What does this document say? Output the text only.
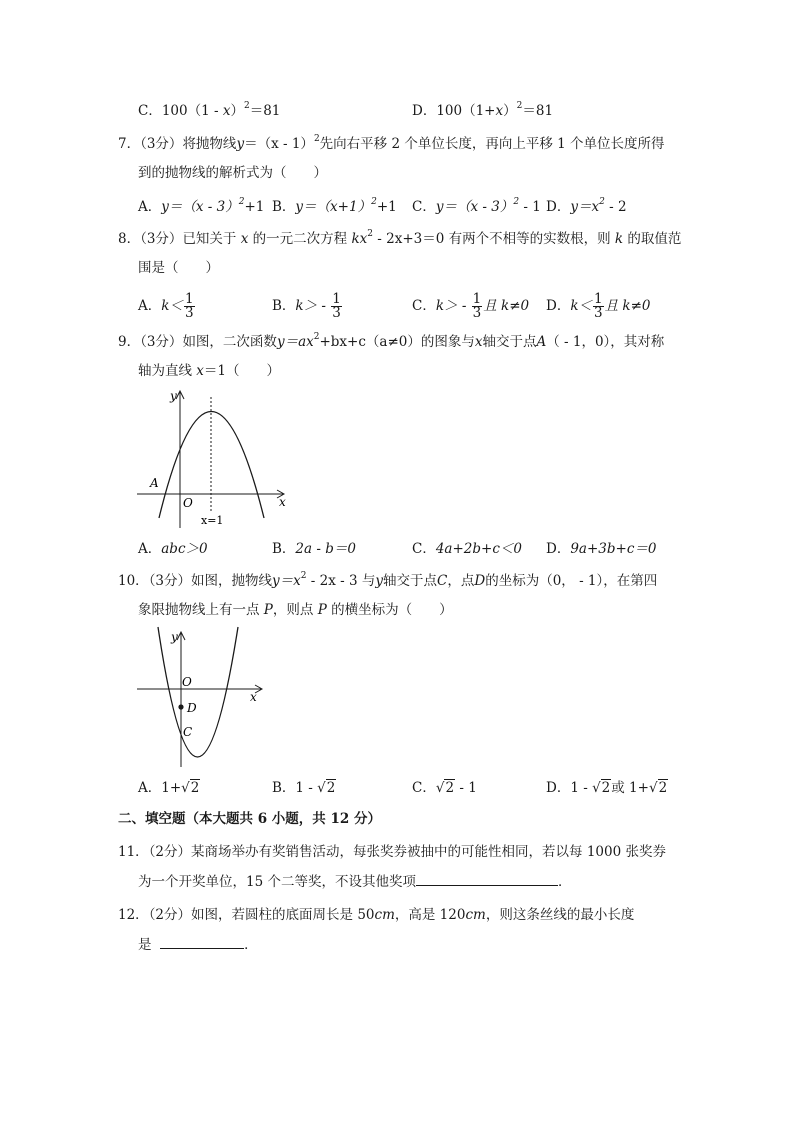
C．100（1 - x）$^2$＝81	D．$100(1+x)^2=81$
7．（3分）将抛物线y＝（x - 1）$^2$先向右平移 2 个单位长度，再向上平移 1 个单位长度所得
到的抛物线的解析式为（　　）
A．y＝（x - 3）$^2$+1 B．$y=(x+1)^2+1$ C．y＝（x - 3）$^2$ - 1 D．$y=x^2 - 2$
8．（3分）已知关于 x 的一元二次方程 $kx^2 - 2x+3=0$ 有两个不相等的实数根，则 k 的取值范
围是（　　）
A．$k< \frac{1}{3}$	B．$k> - \frac{1}{3}$	C．$k> - \frac{1}{3}$ 且 k≠0 D．$k< \frac{1}{3}$ 且 k≠0
9．（3分）如图，二次函数$y=ax^2+bx+c(a\ne 0)$的图象与x轴交于点A（ - 1，0），其对称
轴为直线 x＝1（　　）
y
x
O
A
x=1
A．abc＞0	B．2a - b＝0	C．4a+2b+c＜0 D．9a+3b+c＝0
10．（3分）如图，抛物线$y=x^2 - 2x - 3$ 与y轴交于点C，点D的坐标为（0， - 1），在第四
象限抛物线上有一点 P，则点 P 的横坐标为（　　）
y
x
O
D
C
A．1+√2	B．1 - √2	C．√2 - 1	D．1 - √2或 1+√2
二、填空题（本大题共 6 小题，共 12 分）
11．（2分）某商场举办有奖销售活动，每张奖券被抽中的可能性相同，若以每 1000 张奖券
为一个开奖单位，15 个二等奖，不设其他奖项	．
12．（2分）如图，若圆柱的底面周长是 50cm，高是 120cm，则这条丝线的最小长度
是	．
